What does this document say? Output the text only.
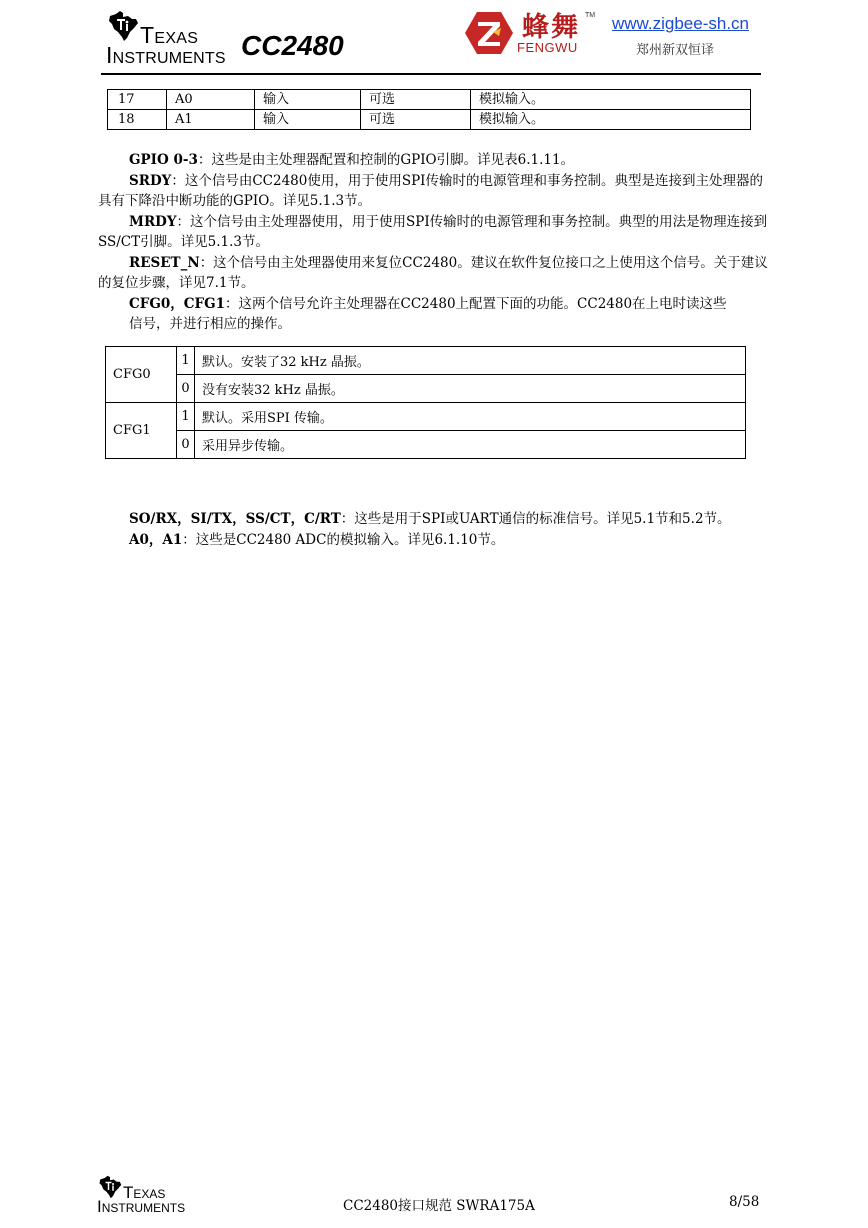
TEXAS
INSTRUMENTS CC2480
蜂舞 TM
FENGWU
www.zigbee-sh.cn
郑州新双恒译
17	A0	输入	可选	模拟输入。
18	A1	输入	可选	模拟输入。
GPIO 0-3：这些是由主处理器配置和控制的GPIO引脚。详见表6.1.11。
SRDY：这个信号由CC2480使用，用于使用SPI传输时的电源管理和事务控制。典型是连接到主处理器的具有下降沿中断功能的GPIO。详见5.1.3节。
MRDY：这个信号由主处理器使用，用于使用SPI传输时的电源管理和事务控制。典型的用法是物理连接到SS/CT引脚。详见5.1.3节。
RESET_N：这个信号由主处理器使用来复位CC2480。建议在软件复位接口之上使用这个信号。关于建议的复位步骤，详见7.1节。
CFG0，CFG1：这两个信号允许主处理器在CC2480上配置下面的功能。CC2480在上电时读这些
信号，并进行相应的操作。
CFG0	1	默认。安装了32 kHz 晶振。
	0	没有安装32 kHz 晶振。
CFG1	1	默认。采用SPI 传输。
	0	采用异步传输。
SO/RX，SI/TX，SS/CT，C/RT：这些是用于SPI或UART通信的标准信号。详见5.1节和5.2节。
A0，A1：这些是CC2480 ADC的模拟输入。详见6.1.10节。
TEXAS
INSTRUMENTS	CC2480接口规范 SWRA175A	8/58
